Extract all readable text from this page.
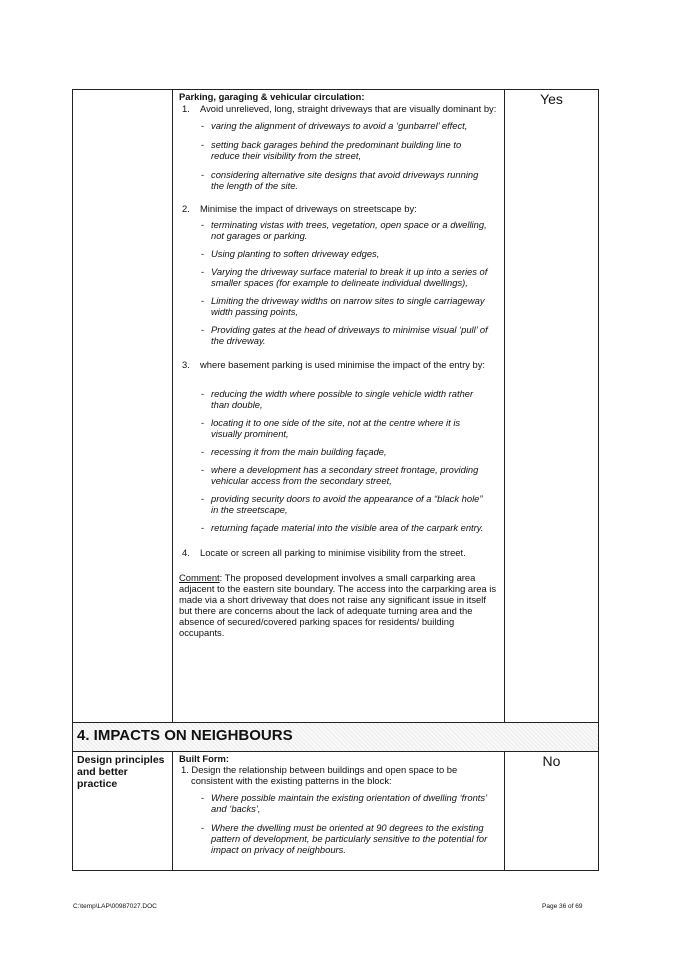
Parking, garaging & vehicular circulation:
1.	Avoid unrelieved, long, straight driveways that are visually dominant by:
- varing the alignment of driveways to avoid a ‘gunbarrel’ effect,
- setting back garages behind the predominant building line to reduce their visibility from the street,
- considering alternative site designs that avoid driveways running the length of the site.
2.	Minimise the impact of driveways on streetscape by:
- terminating vistas with trees, vegetation, open space or a dwelling, not garages or parking.
- Using planting to soften driveway edges,
- Varying the driveway surface material to break it up into a series of smaller spaces (for example to delineate individual dwellings),
- Limiting the driveway widths on narrow sites to single carriageway width passing points,
- Providing gates at the head of driveways to minimise visual ‘pull’ of the driveway.
3.	where basement parking is used minimise the impact of the entry by:
- reducing the width where possible to single vehicle width rather than double,
- locating it to one side of the site, not at the centre where it is visually prominent,
- recessing it from the main building façade,
- where a development has a secondary street frontage, providing vehicular access from the secondary street,
- providing security doors to avoid the appearance of a “black hole” in the streetscape,
- returning façade material into the visible area of the carpark entry.
4.	Locate or screen all parking to minimise visibility from the street.
Comment: The proposed development involves a small carparking area adjacent to the eastern site boundary. The access into the carparking area is made via a short driveway that does not raise any significant issue in itself but there are concerns about the lack of adequate turning area and the absence of secured/covered parking spaces for residents/ building occupants.
Yes
4. IMPACTS ON NEIGHBOURS
Design principles and better practice
Built Form:
1. Design the relationship between buildings and open space to be consistent with the existing patterns in the block:
- Where possible maintain the existing orientation of dwelling ‘fronts’ and ‘backs’,
- Where the dwelling must be oriented at 90 degrees to the existing pattern of development, be particularly sensitive to the potential for impact on privacy of neighbours.
No
C:\temp\LAP\00987027.DOC	Page 36 of 69
